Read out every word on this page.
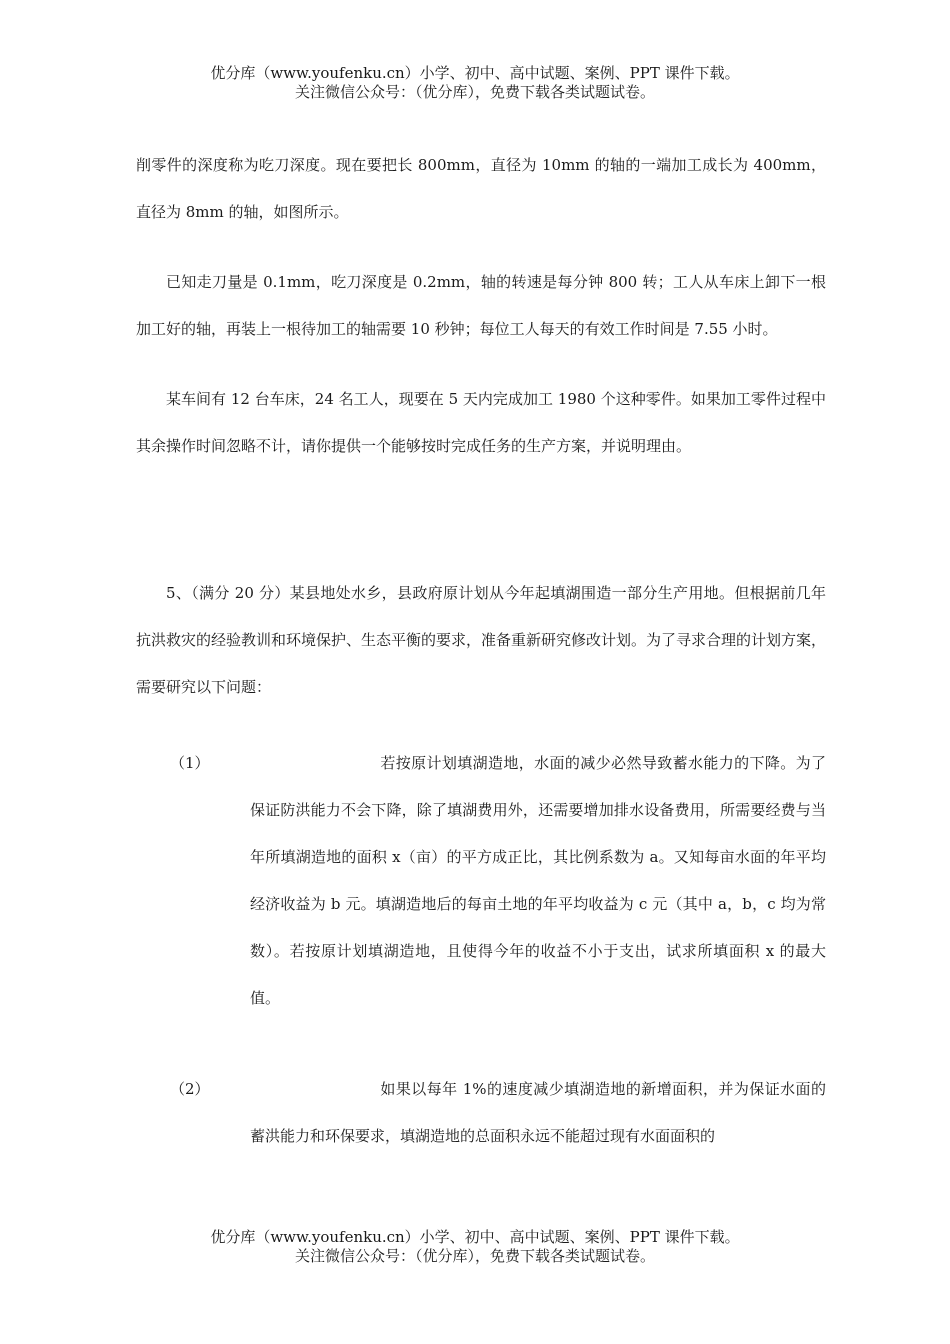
优分库（www.youfenku.cn）小学、初中、高中试题、案例、PPT 课件下载。
关注微信公众号：（优分库），免费下载各类试题试卷。

削零件的深度称为吃刀深度。现在要把长 800mm，直径为 10mm 的轴的一端加工成长为 400mm，直径为 8mm 的轴，如图所示。

已知走刀量是 0.1mm，吃刀深度是 0.2mm，轴的转速是每分钟 800 转；工人从车床上卸下一根加工好的轴，再装上一根待加工的轴需要 10 秒钟；每位工人每天的有效工作时间是 7.55 小时。

某车间有 12 台车床，24 名工人，现要在 5 天内完成加工 1980 个这种零件。如果加工零件过程中其余操作时间忽略不计，请你提供一个能够按时完成任务的生产方案，并说明理由。

5、（满分 20 分）某县地处水乡，县政府原计划从今年起填湖围造一部分生产用地。但根据前几年抗洪救灾的经验教训和环境保护、生态平衡的要求，准备重新研究修改计划。为了寻求合理的计划方案，需要研究以下问题：

（1）	若按原计划填湖造地，水面的减少必然导致蓄水能力的下降。为了保证防洪能力不会下降，除了填湖费用外，还需要增加排水设备费用，所需要经费与当年所填湖造地的面积 x（亩）的平方成正比，其比例系数为 a。又知每亩水面的年平均经济收益为 b 元。填湖造地后的每亩土地的年平均收益为 c 元（其中 a，b，c 均为常数）。若按原计划填湖造地，且使得今年的收益不小于支出，试求所填面积 x 的最大值。

（2）	如果以每年 1%的速度减少填湖造地的新增面积，并为保证水面的蓄洪能力和环保要求，填湖造地的总面积永远不能超过现有水面面积的

优分库（www.youfenku.cn）小学、初中、高中试题、案例、PPT 课件下载。
关注微信公众号：（优分库），免费下载各类试题试卷。
